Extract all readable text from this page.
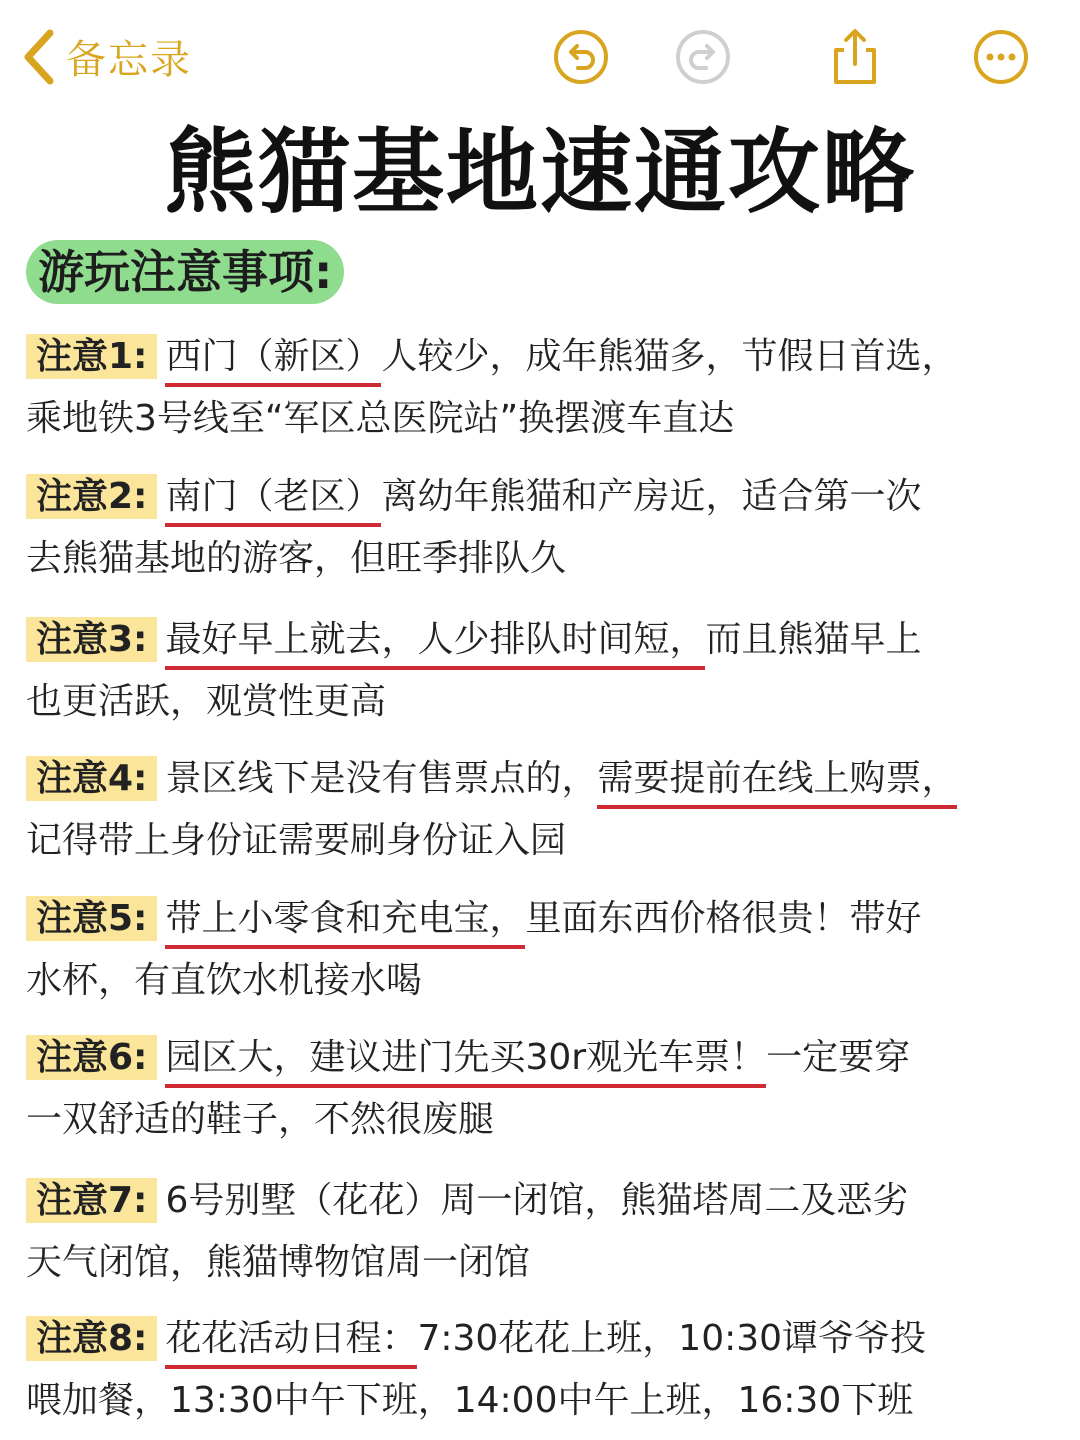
备忘录
熊猫基地速通攻略
游玩注意事项:
注意1: 西门（新区）人较少，成年熊猫多，节假日首选，
乘地铁3号线至“军区总医院站”换摆渡车直达
注意2: 南门（老区）离幼年熊猫和产房近，适合第一次
去熊猫基地的游客，但旺季排队久
注意3: 最好早上就去，人少排队时间短，而且熊猫早上
也更活跃，观赏性更高
注意4: 景区线下是没有售票点的，需要提前在线上购票，
记得带上身份证需要刷身份证入园
注意5: 带上小零食和充电宝，里面东西价格很贵！带好
水杯，有直饮水机接水喝
注意6: 园区大，建议进门先买30r观光车票！一定要穿
一双舒适的鞋子，不然很废腿
注意7: 6号别墅（花花）周一闭馆，熊猫塔周二及恶劣
天气闭馆，熊猫博物馆周一闭馆
注意8: 花花活动日程：7:30花花上班，10:30谭爷爷投
喂加餐，13:30中午下班，14:00中午上班，16:30下班
